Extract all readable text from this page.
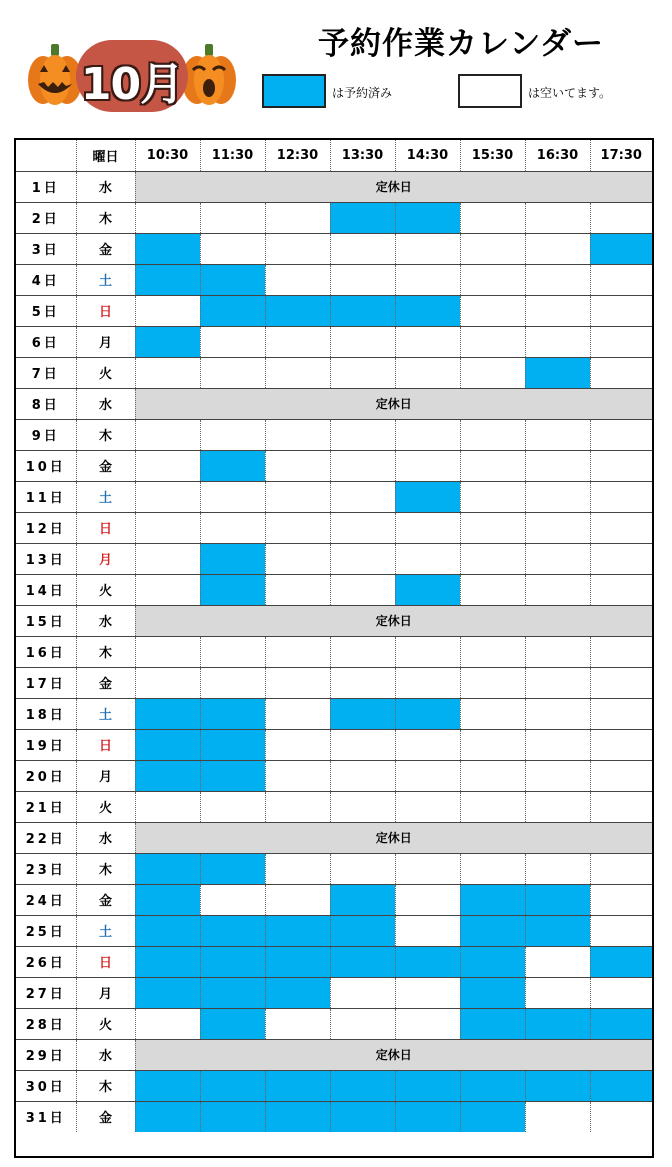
10月
予約作業カレンダー
は予約済み	は空いてます。
	曜日	10:30	11:30	12:30	13:30	14:30	15:30	16:30	17:30
1日	水	定休日							
2日	木								
3日	金								
4日	土								
5日	日								
6日	月								
7日	火								
8日	水	定休日							
9日	木								
10日	金								
11日	土								
12日	日								
13日	月								
14日	火								
15日	水	定休日							
16日	木								
17日	金								
18日	土								
19日	日								
20日	月								
21日	火								
22日	水	定休日							
23日	木								
24日	金								
25日	土								
26日	日								
27日	月								
28日	火								
29日	水	定休日							
30日	木								
31日	金								
